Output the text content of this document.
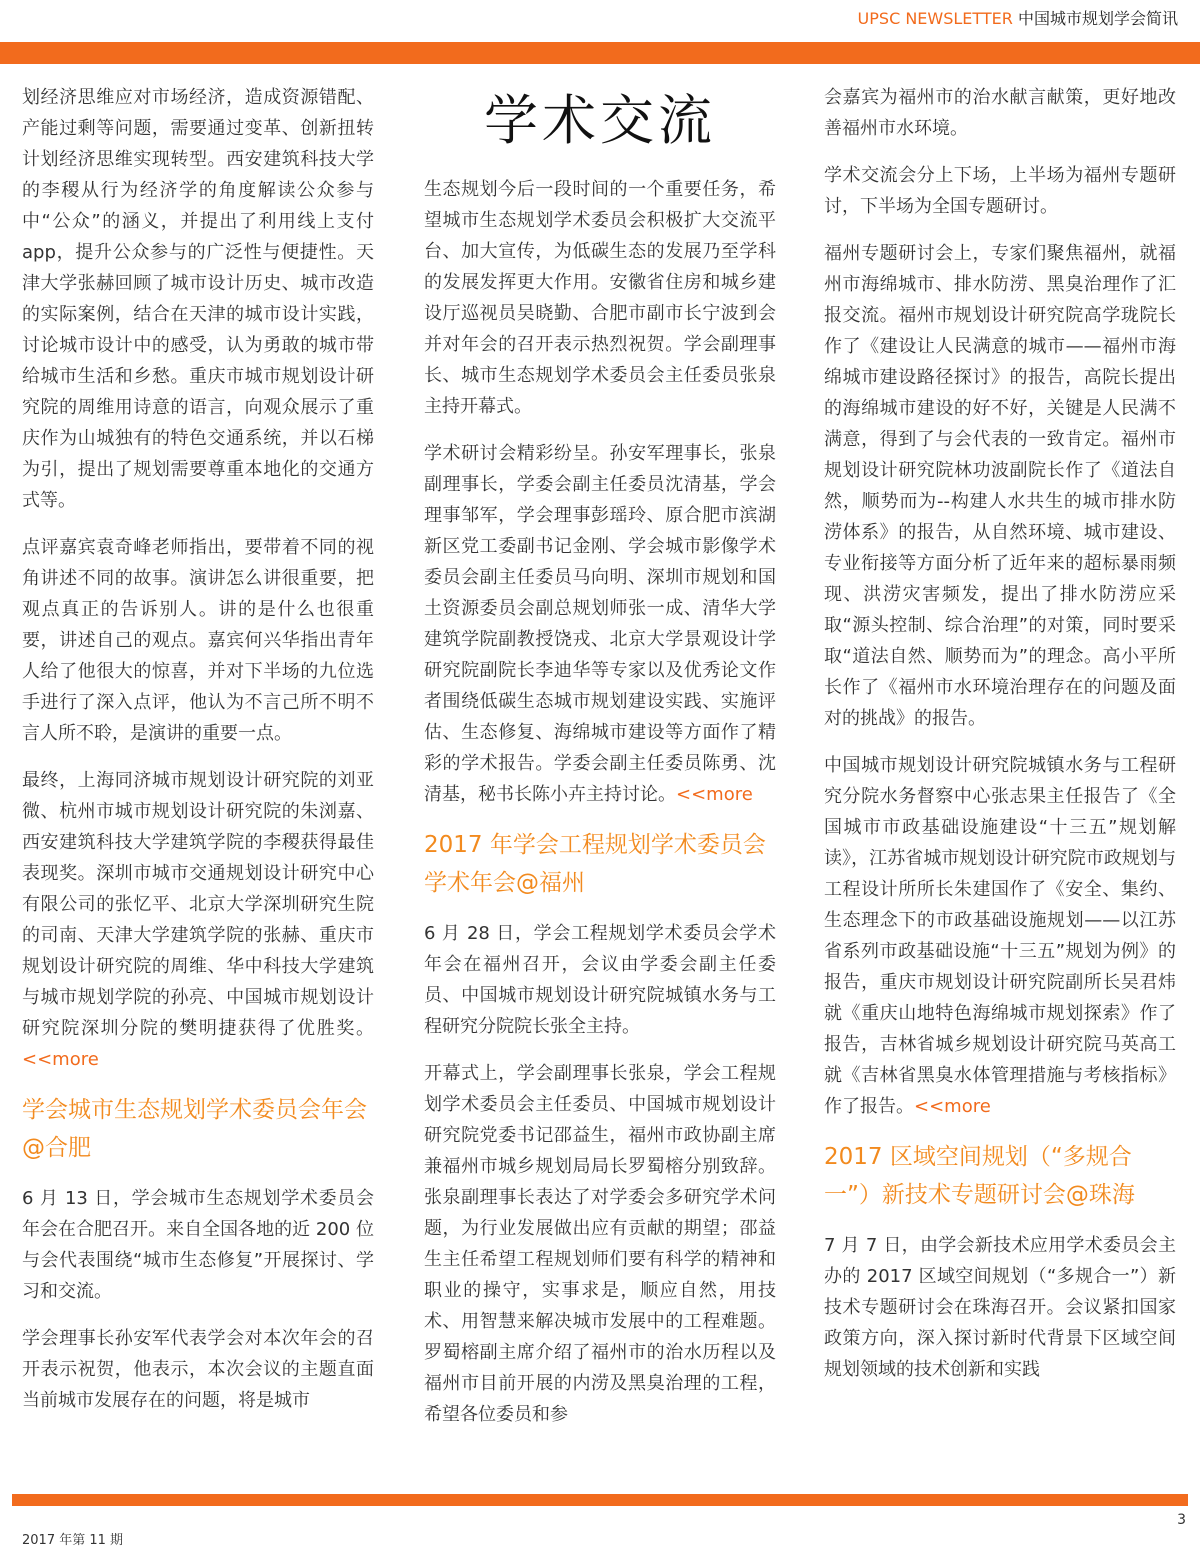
UPSC NEWSLETTER 中国城市规划学会简讯

划经济思维应对市场经济，造成资源错配、产能过剩等问题，需要通过变革、创新扭转计划经济思维实现转型。西安建筑科技大学的李稷从行为经济学的角度解读公众参与中“公众”的涵义，并提出了利用线上支付 app，提升公众参与的广泛性与便捷性。天津大学张赫回顾了城市设计历史、城市改造的实际案例，结合在天津的城市设计实践，讨论城市设计中的感受，认为勇敢的城市带给城市生活和乡愁。重庆市城市规划设计研究院的周维用诗意的语言，向观众展示了重庆作为山城独有的特色交通系统，并以石梯为引，提出了规划需要尊重本地化的交通方式等。

点评嘉宾袁奇峰老师指出，要带着不同的视角讲述不同的故事。演讲怎么讲很重要，把观点真正的告诉别人。讲的是什么也很重要，讲述自己的观点。嘉宾何兴华指出青年人给了他很大的惊喜，并对下半场的九位选手进行了深入点评，他认为不言己所不明不言人所不聆，是演讲的重要一点。

最终，上海同济城市规划设计研究院的刘亚微、杭州市城市规划设计研究院的朱浏嘉、西安建筑科技大学建筑学院的李稷获得最佳表现奖。深圳市城市交通规划设计研究中心有限公司的张忆平、北京大学深圳研究生院的司南、天津大学建筑学院的张赫、重庆市规划设计研究院的周维、华中科技大学建筑与城市规划学院的孙亮、中国城市规划设计研究院深圳分院的樊明捷获得了优胜奖。<<more

学会城市生态规划学术委员会年会@合肥

6 月 13 日，学会城市生态规划学术委员会年会在合肥召开。来自全国各地的近 200 位与会代表围绕“城市生态修复”开展探讨、学习和交流。

学会理事长孙安军代表学会对本次年会的召开表示祝贺，他表示，本次会议的主题直面当前城市发展存在的问题，将是城市

学术交流

生态规划今后一段时间的一个重要任务，希望城市生态规划学术委员会积极扩大交流平台、加大宣传，为低碳生态的发展乃至学科的发展发挥更大作用。安徽省住房和城乡建设厅巡视员吴晓勤、合肥市副市长宁波到会并对年会的召开表示热烈祝贺。学会副理事长、城市生态规划学术委员会主任委员张泉主持开幕式。

学术研讨会精彩纷呈。孙安军理事长，张泉副理事长，学委会副主任委员沈清基，学会理事邹军，学会理事彭瑶玲、原合肥市滨湖新区党工委副书记金刚、学会城市影像学术委员会副主任委员马向明、深圳市规划和国土资源委员会副总规划师张一成、清华大学建筑学院副教授饶戎、北京大学景观设计学研究院副院长李迪华等专家以及优秀论文作者围绕低碳生态城市规划建设实践、实施评估、生态修复、海绵城市建设等方面作了精彩的学术报告。学委会副主任委员陈勇、沈清基，秘书长陈小卉主持讨论。<<more

2017 年学会工程规划学术委员会学术年会@福州

6 月 28 日，学会工程规划学术委员会学术年会在福州召开，会议由学委会副主任委员、中国城市规划设计研究院城镇水务与工程研究分院院长张全主持。

开幕式上，学会副理事长张泉，学会工程规划学术委员会主任委员、中国城市规划设计研究院党委书记邵益生，福州市政协副主席兼福州市城乡规划局局长罗蜀榕分别致辞。张泉副理事长表达了对学委会多研究学术问题，为行业发展做出应有贡献的期望；邵益生主任希望工程规划师们要有科学的精神和职业的操守，实事求是，顺应自然，用技术、用智慧来解决城市发展中的工程难题。罗蜀榕副主席介绍了福州市的治水历程以及福州市目前开展的内涝及黑臭治理的工程，希望各位委员和参

会嘉宾为福州市的治水献言献策，更好地改善福州市水环境。

学术交流会分上下场，上半场为福州专题研讨，下半场为全国专题研讨。

福州专题研讨会上，专家们聚焦福州，就福州市海绵城市、排水防涝、黑臭治理作了汇报交流。福州市规划设计研究院高学珑院长作了《建设让人民满意的城市——福州市海绵城市建设路径探讨》的报告，高院长提出的海绵城市建设的好不好，关键是人民满不满意，得到了与会代表的一致肯定。福州市规划设计研究院林功波副院长作了《道法自然，顺势而为--构建人水共生的城市排水防涝体系》的报告，从自然环境、城市建设、专业衔接等方面分析了近年来的超标暴雨频现、洪涝灾害频发，提出了排水防涝应采取“源头控制、综合治理”的对策，同时要采取“道法自然、顺势而为”的理念。高小平所长作了《福州市水环境治理存在的问题及面对的挑战》的报告。

中国城市规划设计研究院城镇水务与工程研究分院水务督察中心张志果主任报告了《全国城市市政基础设施建设“十三五”规划解读》，江苏省城市规划设计研究院市政规划与工程设计所所长朱建国作了《安全、集约、生态理念下的市政基础设施规划——以江苏省系列市政基础设施“十三五”规划为例》的报告，重庆市规划设计研究院副所长吴君炜就《重庆山地特色海绵城市规划探索》作了报告，吉林省城乡规划设计研究院马英高工就《吉林省黑臭水体管理措施与考核指标》作了报告。<<more

2017 区域空间规划（“多规合一”）新技术专题研讨会@珠海

7 月 7 日，由学会新技术应用学术委员会主办的 2017 区域空间规划（“多规合一”）新技术专题研讨会在珠海召开。会议紧扣国家政策方向，深入探讨新时代背景下区域空间规划领域的技术创新和实践

2017 年第 11 期
3
